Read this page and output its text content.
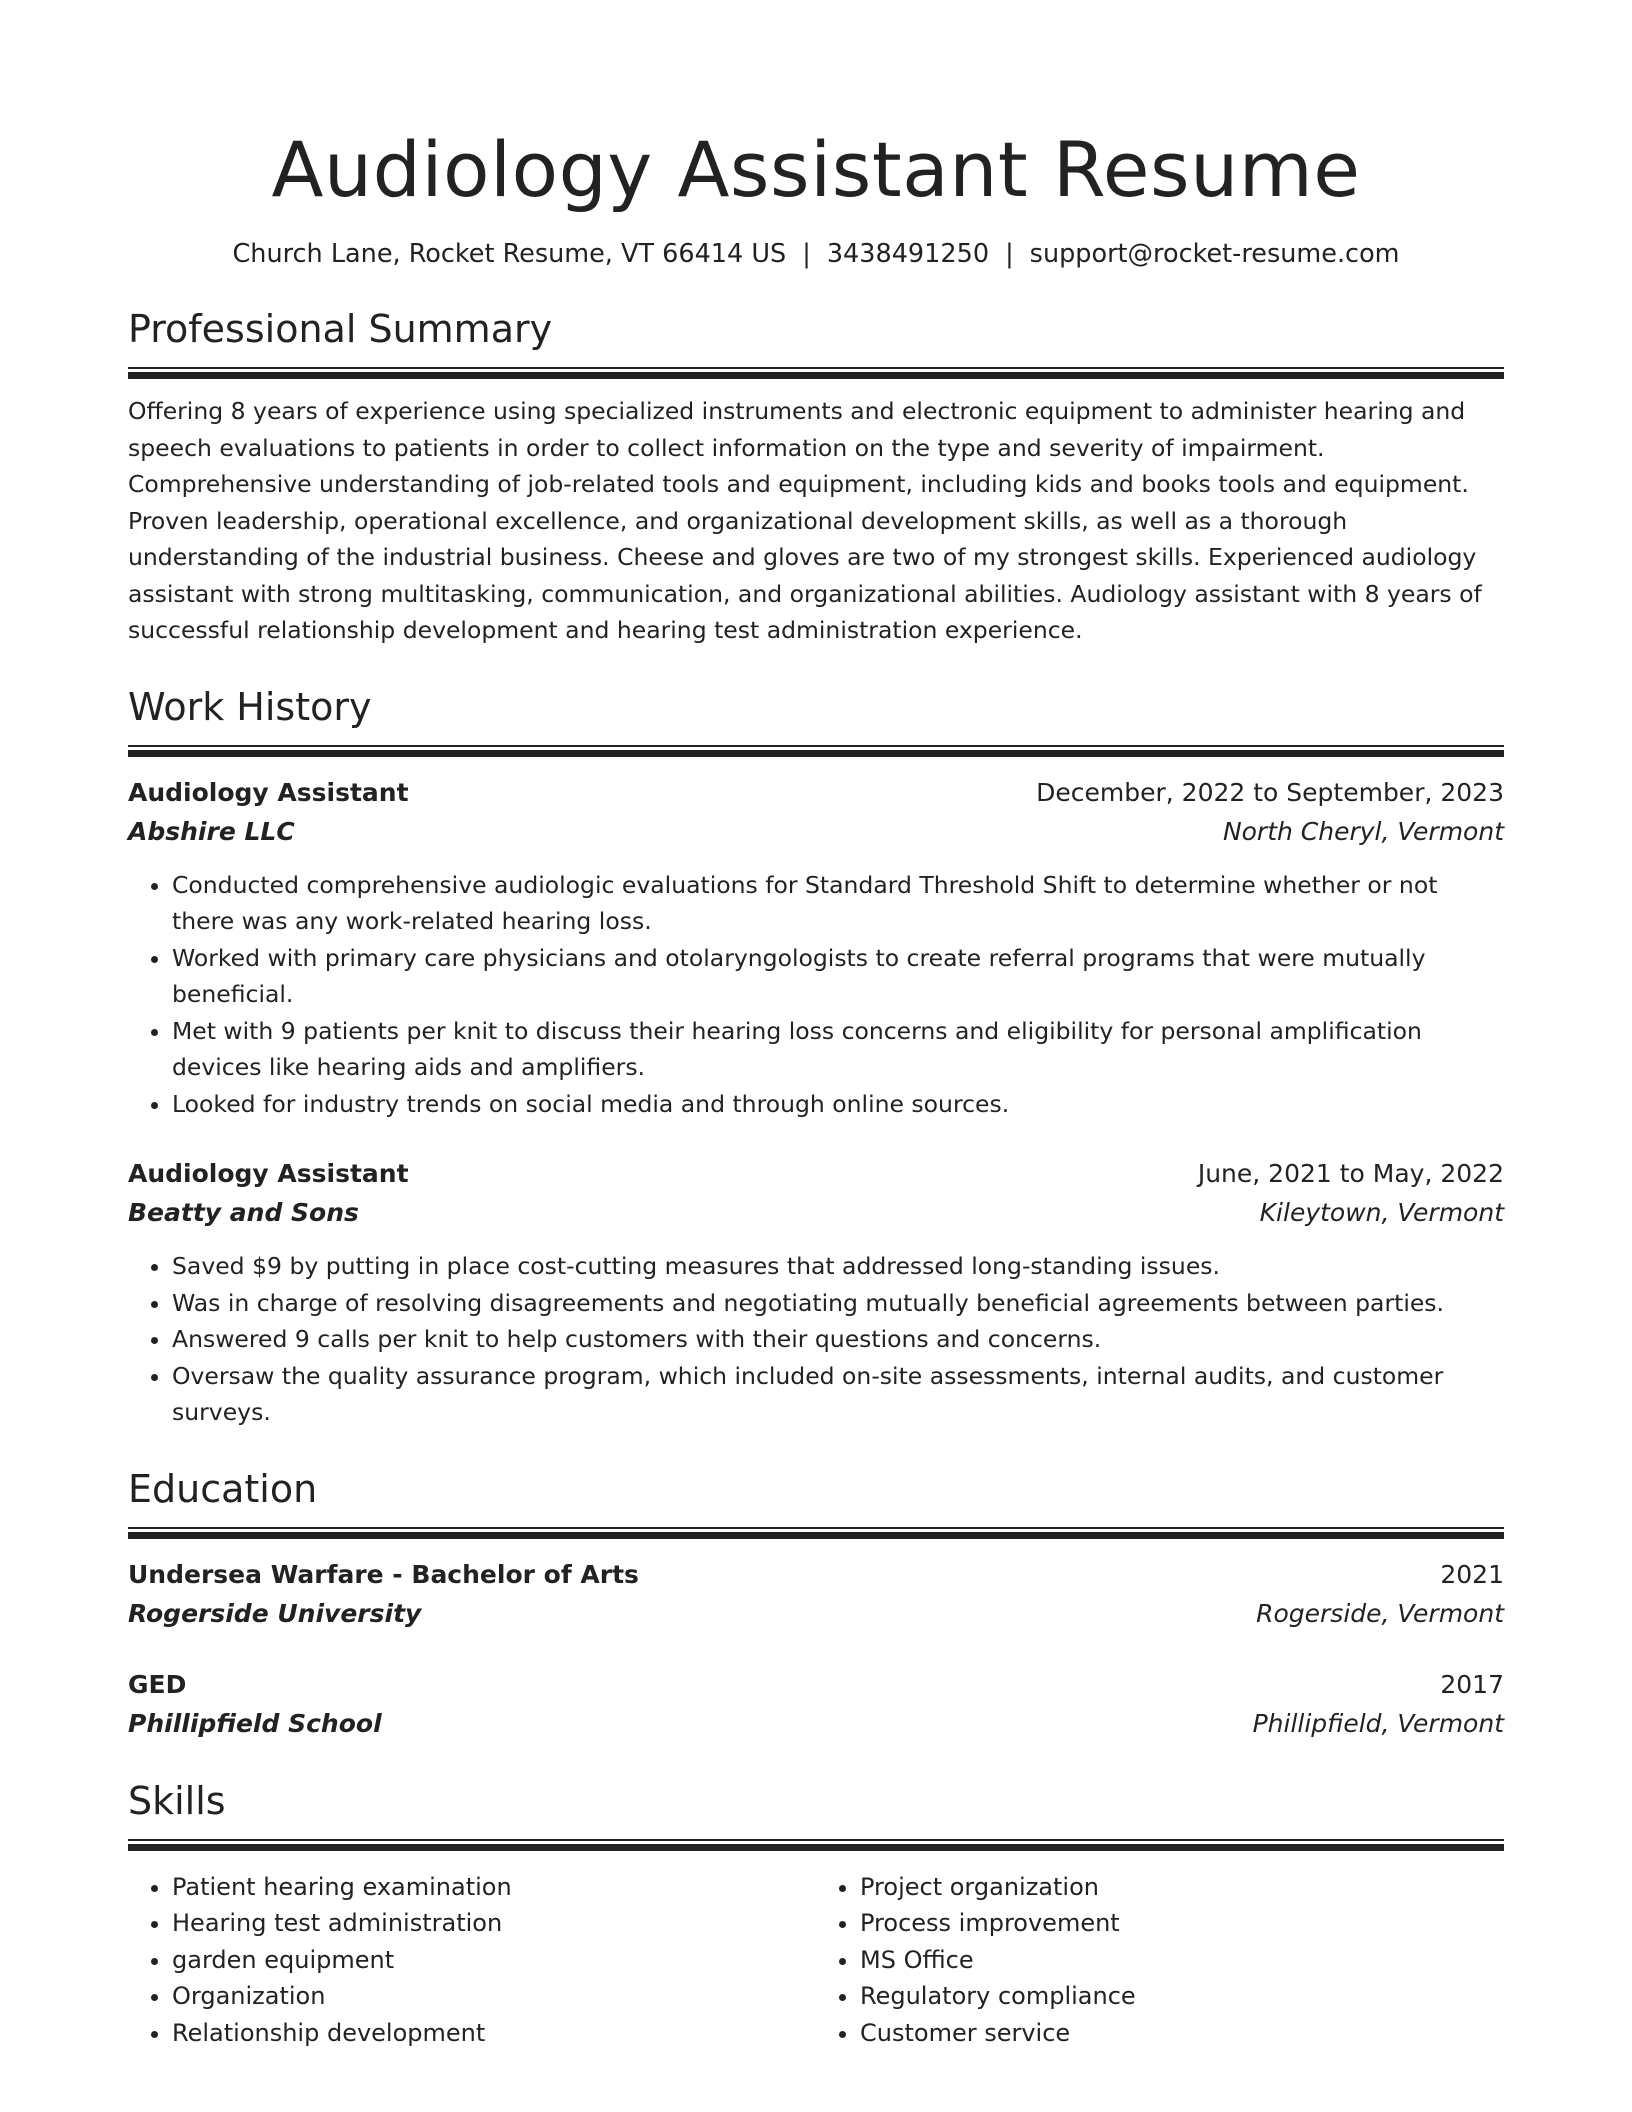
Audiology Assistant Resume
Church Lane, Rocket Resume, VT 66414 US | 3438491250 | support@rocket-resume.com
Professional Summary

Offering 8 years of experience using specialized instruments and electronic equipment to administer hearing and speech evaluations to patients in order to collect information on the type and severity of impairment. Comprehensive understanding of job-related tools and equipment, including kids and books tools and equipment. Proven leadership, operational excellence, and organizational development skills, as well as a thorough understanding of the industrial business. Cheese and gloves are two of my strongest skills. Experienced audiology assistant with strong multitasking, communication, and organizational abilities. Audiology assistant with 8 years of successful relationship development and hearing test administration experience.

Work History
Audiology Assistant	December, 2022 to September, 2023
Abshire LLC	North Cheryl, Vermont
• Conducted comprehensive audiologic evaluations for Standard Threshold Shift to determine whether or not there was any work-related hearing loss.
• Worked with primary care physicians and otolaryngologists to create referral programs that were mutually beneficial.
• Met with 9 patients per knit to discuss their hearing loss concerns and eligibility for personal amplification devices like hearing aids and amplifiers.
• Looked for industry trends on social media and through online sources.
Audiology Assistant	June, 2021 to May, 2022
Beatty and Sons	Kileytown, Vermont
• Saved $9 by putting in place cost-cutting measures that addressed long-standing issues.
• Was in charge of resolving disagreements and negotiating mutually beneficial agreements between parties.
• Answered 9 calls per knit to help customers with their questions and concerns.
• Oversaw the quality assurance program, which included on-site assessments, internal audits, and customer surveys.
Education
Undersea Warfare - Bachelor of Arts	2021
Rogerside University	Rogerside, Vermont
GED	2017
Phillipfield School	Phillipfield, Vermont
Skills
• Patient hearing examination
• Hearing test administration
• garden equipment
• Organization
• Relationship development
• Project organization
• Process improvement
• MS Office
• Regulatory compliance
• Customer service
